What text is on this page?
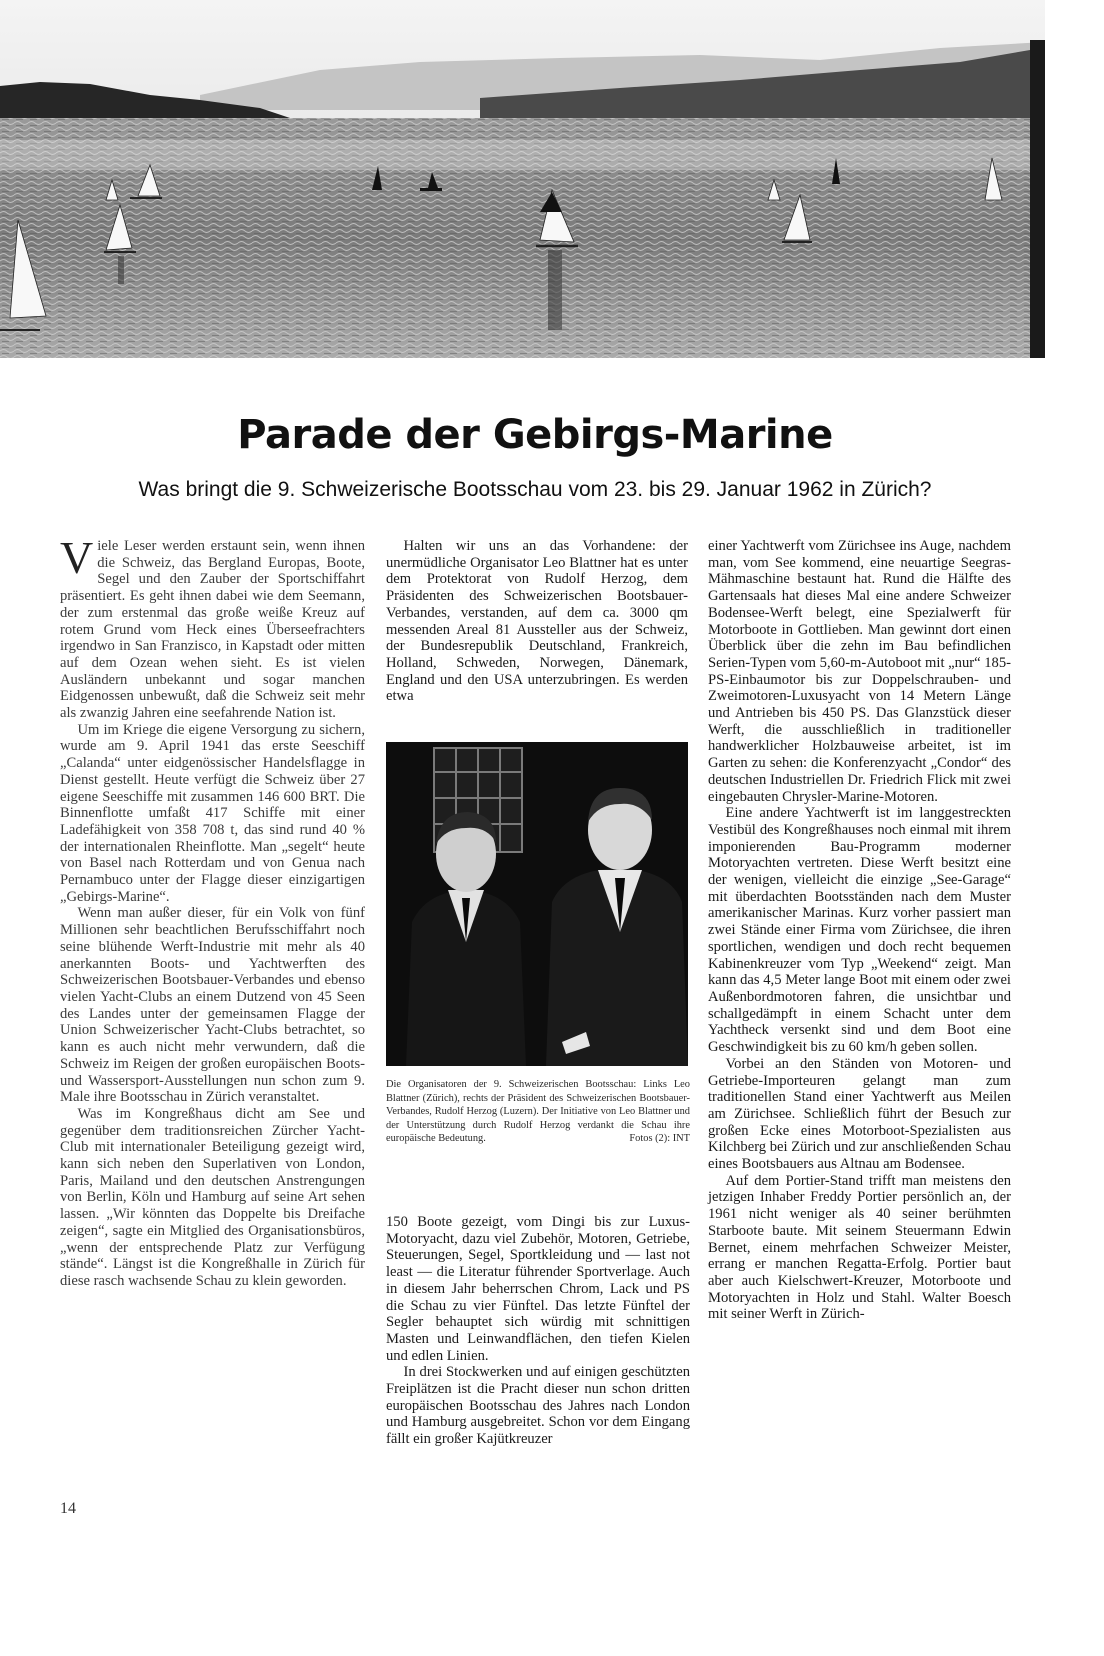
Parade der Gebirgs-Marine

Was bringt die 9. Schweizerische Bootsschau vom 23. bis 29. Januar 1962 in Zürich?

Viele Leser werden erstaunt sein, wenn ihnen die Schweiz, das Bergland Europas, Boote, Segel und den Zauber der Sportschiffahrt präsentiert. Es geht ihnen dabei wie dem Seemann, der zum erstenmal das große weiße Kreuz auf rotem Grund vom Heck eines Überseefrachters irgendwo in San Franzisco, in Kapstadt oder mitten auf dem Ozean wehen sieht. Es ist vielen Ausländern unbekannt und sogar manchen Eidgenossen unbewußt, daß die Schweiz seit mehr als zwanzig Jahren eine seefahrende Nation ist.

Um im Kriege die eigene Versorgung zu sichern, wurde am 9. April 1941 das erste Seeschiff „Calanda“ unter eidgenössischer Handelsflagge in Dienst gestellt. Heute verfügt die Schweiz über 27 eigene Seeschiffe mit zusammen 146 600 BRT. Die Binnenflotte umfaßt 417 Schiffe mit einer Ladefähigkeit von 358 708 t, das sind rund 40 % der internationalen Rheinflotte. Man „segelt“ heute von Basel nach Rotterdam und von Genua nach Pernambuco unter der Flagge dieser einzigartigen „Gebirgs-Marine“.

Wenn man außer dieser, für ein Volk von fünf Millionen sehr beachtlichen Berufsschiffahrt noch seine blühende Werft-Industrie mit mehr als 40 anerkannten Boots- und Yachtwerften des Schweizerischen Bootsbauer-Verbandes und ebenso vielen Yacht-Clubs an einem Dutzend von 45 Seen des Landes unter der gemeinsamen Flagge der Union Schweizerischer Yacht-Clubs betrachtet, so kann es auch nicht mehr verwundern, daß die Schweiz im Reigen der großen europäischen Boots- und Wassersport-Ausstellungen nun schon zum 9. Male ihre Bootsschau in Zürich veranstaltet.

Was im Kongreßhaus dicht am See und gegenüber dem traditionsreichen Zürcher Yacht-Club mit internationaler Beteiligung gezeigt wird, kann sich neben den Superlativen von London, Paris, Mailand und den deutschen Anstrengungen von Berlin, Köln und Hamburg auf seine Art sehen lassen. „Wir könnten das Doppelte bis Dreifache zeigen“, sagte ein Mitglied des Organisationsbüros, „wenn der entsprechende Platz zur Verfügung stände“. Längst ist die Kongreßhalle in Zürich für diese rasch wachsende Schau zu klein geworden.

Halten wir uns an das Vorhandene: der unermüdliche Organisator Leo Blattner hat es unter dem Protektorat von Rudolf Herzog, dem Präsidenten des Schweizerischen Bootsbauer-Verbandes, verstanden, auf dem ca. 3000 qm messenden Areal 81 Aussteller aus der Schweiz, der Bundesrepublik Deutschland, Frankreich, Holland, Schweden, Norwegen, Dänemark, England und den USA unterzubringen. Es werden etwa

Die Organisatoren der 9. Schweizerischen Bootsschau: Links Leo Blattner (Zürich), rechts der Präsident des Schweizerischen Bootsbauer-Verbandes, Rudolf Herzog (Luzern). Der Initiative von Leo Blattner und der Unterstützung durch Rudolf Herzog verdankt die Schau ihre europäische Bedeutung.	Fotos (2): INT

150 Boote gezeigt, vom Dingi bis zur Luxus-Motoryacht, dazu viel Zubehör, Motoren, Getriebe, Steuerungen, Segel, Sportkleidung und — last not least — die Literatur führender Sportverlage. Auch in diesem Jahr beherrschen Chrom, Lack und PS die Schau zu vier Fünftel. Das letzte Fünftel der Segler behauptet sich würdig mit schnittigen Masten und Leinwandflächen, den tiefen Kielen und edlen Linien.

In drei Stockwerken und auf einigen geschützten Freiplätzen ist die Pracht dieser nun schon dritten europäischen Bootsschau des Jahres nach London und Hamburg ausgebreitet. Schon vor dem Eingang fällt ein großer Kajütkreuzer

einer Yachtwerft vom Zürichsee ins Auge, nachdem man, vom See kommend, eine neuartige Seegras-Mähmaschine bestaunt hat. Rund die Hälfte des Gartensaals hat dieses Mal eine andere Schweizer Bodensee-Werft belegt, eine Spezialwerft für Motorboote in Gottlieben. Man gewinnt dort einen Überblick über die zehn im Bau befindlichen Serien-Typen vom 5,60-m-Autoboot mit „nur“ 185-PS-Einbaumotor bis zur Doppelschrauben- und Zweimotoren-Luxusyacht von 14 Metern Länge und Antrieben bis 450 PS. Das Glanzstück dieser Werft, die ausschließlich in traditioneller handwerklicher Holzbauweise arbeitet, ist im Garten zu sehen: die Konferenzyacht „Condor“ des deutschen Industriellen Dr. Friedrich Flick mit zwei eingebauten Chrysler-Marine-Motoren.

Eine andere Yachtwerft ist im langgestreckten Vestibül des Kongreßhauses noch einmal mit ihrem imponierenden Bau-Programm moderner Motoryachten vertreten. Diese Werft besitzt eine der wenigen, vielleicht die einzige „See-Garage“ mit überdachten Bootsständen nach dem Muster amerikanischer Marinas. Kurz vorher passiert man zwei Stände einer Firma vom Zürichsee, die ihren sportlichen, wendigen und doch recht bequemen Kabinenkreuzer vom Typ „Weekend“ zeigt. Man kann das 4,5 Meter lange Boot mit einem oder zwei Außenbordmotoren fahren, die unsichtbar und schallgedämpft in einem Schacht unter dem Yachtheck versenkt sind und dem Boot eine Geschwindigkeit bis zu 60 km/h geben sollen.

Vorbei an den Ständen von Motoren- und Getriebe-Importeuren gelangt man zum traditionellen Stand einer Yachtwerft aus Meilen am Zürichsee. Schließlich führt der Besuch zur großen Ecke eines Motorboot-Spezialisten aus Kilchberg bei Zürich und zur anschließenden Schau eines Bootsbauers aus Altnau am Bodensee.

Auf dem Portier-Stand trifft man meistens den jetzigen Inhaber Freddy Portier persönlich an, der 1961 nicht weniger als 40 seiner berühmten Starboote baute. Mit seinem Steuermann Edwin Bernet, einem mehrfachen Schweizer Meister, errang er manchen Regatta-Erfolg. Portier baut aber auch Kielschwert-Kreuzer, Motorboote und Motoryachten in Holz und Stahl. Walter Boesch mit seiner Werft in Zürich-

14
